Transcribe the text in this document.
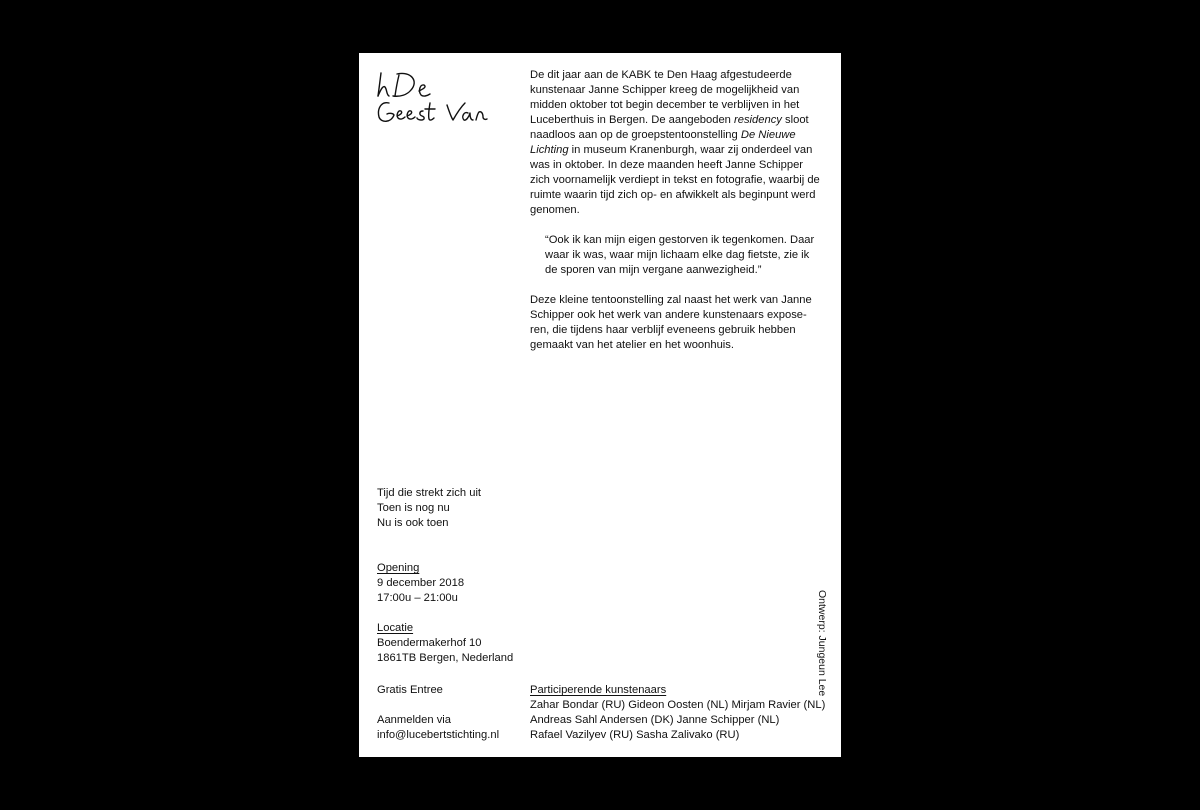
De dit jaar aan de KABK te Den Haag afgestudeerde kunstenaar Janne Schipper kreeg de mogelijkheid van midden oktober tot begin december te verblijven in het Luceberthuis in Bergen. De aangeboden residency sloot naadloos aan op de groepstentoonstelling De Nieuwe Lichting in museum Kranenburgh, waar zij onderdeel van was in oktober. In deze maanden heeft Janne Schipper zich voornamelijk verdiept in tekst en fotografie, waarbij de ruimte waarin tijd zich op- en afwikkelt als beginpunt werd genomen.

“Ook ik kan mijn eigen gestorven ik tegenkomen. Daar waar ik was, waar mijn lichaam elke dag fietste, zie ik de sporen van mijn vergane aanwezigheid.”

Deze kleine tentoonstelling zal naast het werk van Janne Schipper ook het werk van andere kunstenaars expose-ren, die tijdens haar verblijf eveneens gebruik hebben gemaakt van het atelier en het woonhuis.

Tijd die strekt zich uit
Toen is nog nu
Nu is ook toen
Opening
9 december 2018
17:00u – 21:00u
Locatie
Boendermakerhof 10
1861TB Bergen, Nederland
Gratis Entree
Aanmelden via
info@lucebertstichting.nl
Participerende kunstenaars
Zahar Bondar (RU) Gideon Oosten (NL) Mirjam Ravier (NL)
Andreas Sahl Andersen (DK) Janne Schipper (NL)
Rafael Vazilyev (RU) Sasha Zalivako (RU)
Ontwerp: Jungeun Lee
